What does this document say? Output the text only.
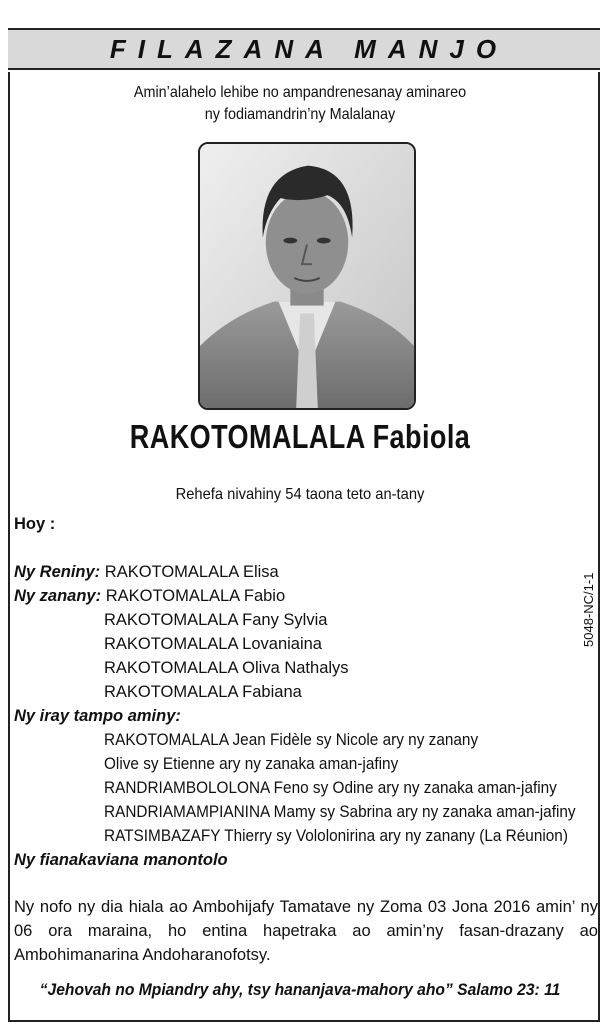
FILAZANA MANJO
Amin’alahelo lehibe no ampandrenesanay aminareo
ny fodiamandrin’ny Malalanay
RAKOTOMALALA Fabiola
Rehefa nivahiny 54 taona teto an-tany
Hoy :
Ny Reniny:
RAKOTOMALALA Elisa
Ny zanany:
RAKOTOMALALA Fabio
RAKOTOMALALA Fany Sylvia
RAKOTOMALALA Lovaniaina
RAKOTOMALALA Oliva Nathalys
RAKOTOMALALA Fabiana
Ny iray tampo aminy:
RAKOTOMALALA Jean Fidèle sy Nicole ary ny zanany
Olive sy Etienne ary ny zanaka aman-jafiny
RANDRIAMBOLOLONA Feno sy Odine ary ny zanaka aman-jafiny
RANDRIAMAMPIANINA Mamy sy Sabrina ary ny zanaka aman-jafiny
RATSIMBAZAFY Thierry sy Vololonirina ary ny zanany (La Réunion)
Ny fianakaviana manontolo
Ny nofo ny dia hiala ao Ambohijafy Tamatave ny Zoma 03 Jona 2016 amin’ ny 06 ora maraina, ho entina hapetraka ao amin’ny fasan-drazany ao Ambohimanarina Andoharanofotsy.
“Jehovah no Mpiandry ahy, tsy hananjava-mahory aho” Salamo 23: 11
5048-NC/1-1
